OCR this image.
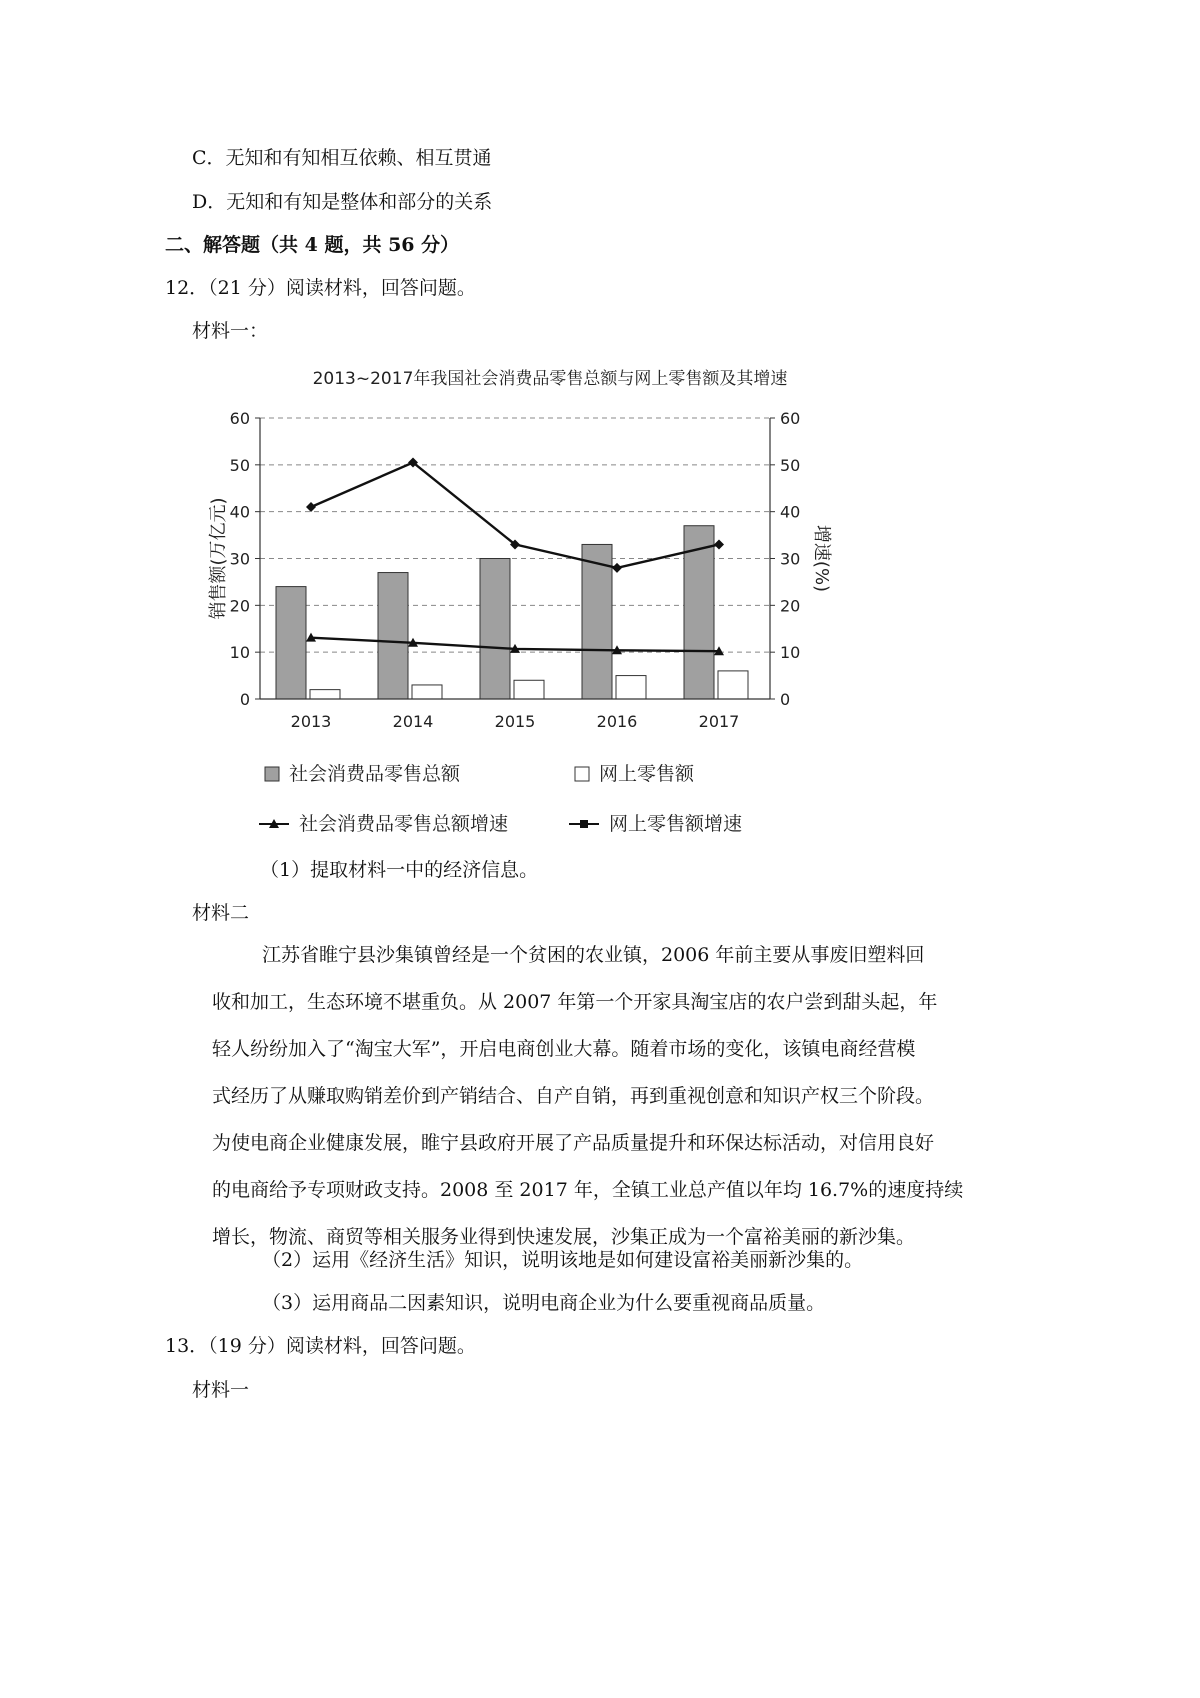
C．无知和有知相互依赖、相互贯通
D．无知和有知是整体和部分的关系
二、解答题（共 4 题，共 56 分）
12．（21 分）阅读材料，回答问题。
材料一：
2013~2017年我国社会消费品零售总额与网上零售额及其增速
0	0
10	10
20	20
30	30
40	40
50	50
60	60
2013	2014	2015	2016	2017
销售额(万亿元)	增速(%)
社会消费品零售总额	网上零售额
社会消费品零售总额增速	网上零售额增速
（1）提取材料一中的经济信息。
材料二

江苏省睢宁县沙集镇曾经是一个贫困的农业镇，2006 年前主要从事废旧塑料回

收和加工，生态环境不堪重负。从 2007 年第一个开家具淘宝店的农户尝到甜头起，年

轻人纷纷加入了“淘宝大军”，开启电商创业大幕。随着市场的变化，该镇电商经营模

式经历了从赚取购销差价到产销结合、自产自销，再到重视创意和知识产权三个阶段。

为使电商企业健康发展，睢宁县政府开展了产品质量提升和环保达标活动，对信用良好

的电商给予专项财政支持。2008 至 2017 年，全镇工业总产值以年均 16.7%的速度持续

增长，物流、商贸等相关服务业得到快速发展，沙集正成为一个富裕美丽的新沙集。

（2）运用《经济生活》知识，说明该地是如何建设富裕美丽新沙集的。
（3）运用商品二因素知识，说明电商企业为什么要重视商品质量。
13．（19 分）阅读材料，回答问题。
材料一
